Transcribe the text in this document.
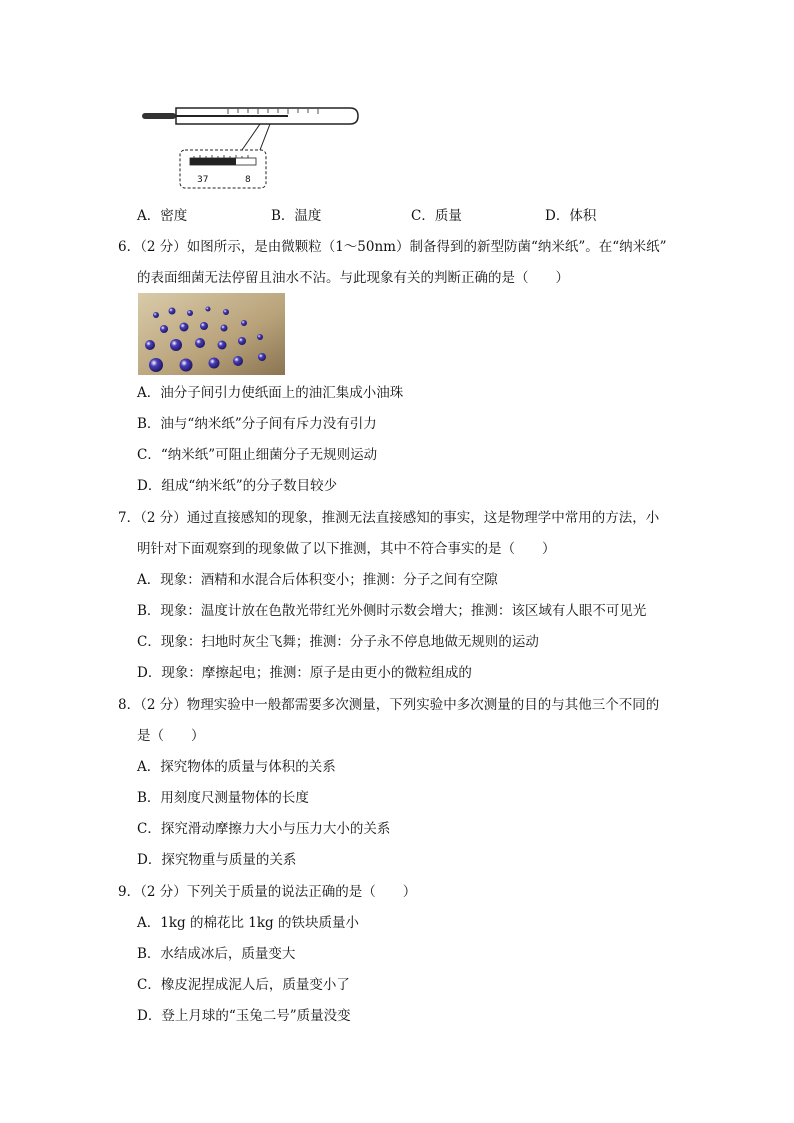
37	8
A．密度	B．温度	C．质量	D．体积
6．（2 分）如图所示，是由微颗粒（1～50nm）制备得到的新型防菌“纳米纸”。在“纳米纸”
的表面细菌无法停留且油水不沾。与此现象有关的判断正确的是（　　）
A．油分子间引力使纸面上的油汇集成小油珠
B．油与“纳米纸”分子间有斥力没有引力
C．“纳米纸”可阻止细菌分子无规则运动
D．组成“纳米纸”的分子数目较少
7．（2 分）通过直接感知的现象，推测无法直接感知的事实，这是物理学中常用的方法，小
明针对下面观察到的现象做了以下推测，其中不符合事实的是（　　）
A．现象：酒精和水混合后体积变小；推测：分子之间有空隙
B．现象：温度计放在色散光带红光外侧时示数会增大；推测：该区域有人眼不可见光
C．现象：扫地时灰尘飞舞；推测：分子永不停息地做无规则的运动
D．现象：摩擦起电；推测：原子是由更小的微粒组成的
8．（2 分）物理实验中一般都需要多次测量，下列实验中多次测量的目的与其他三个不同的
是（　　）
A．探究物体的质量与体积的关系
B．用刻度尺测量物体的长度
C．探究滑动摩擦力大小与压力大小的关系
D．探究物重与质量的关系
9．（2 分）下列关于质量的说法正确的是（　　）
A．1kg 的棉花比 1kg 的铁块质量小
B．水结成冰后，质量变大
C．橡皮泥捏成泥人后，质量变小了
D．登上月球的“玉兔二号”质量没变
